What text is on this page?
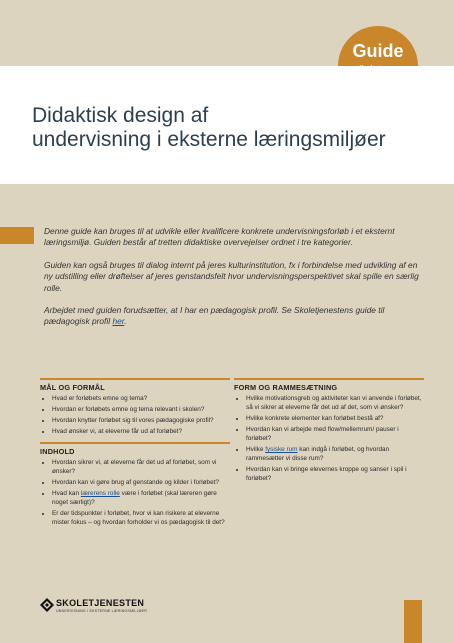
Guide
Didaktisk design af
undervisning i eksterne læringsmiljøer

Denne guide kan bruges til at udvikle eller kvalificere konkrete undervisningsforløb i et eksternt læringsmiljø. Guiden består af tretten didaktiske overvejelser ordnet i tre kategorier.

Guiden kan også bruges til dialog internt på jeres kulturinstitution, fx i forbindelse med udvikling af en ny udstilling eller drøftelser af jeres genstandsfelt hvor undervisningsperspektivet skal spille en særlig rolle.

Arbejdet med guiden forudsætter, at I har en pædagogisk profil. Se Skoletjenestens guide til pædagogisk profil her.

MÅL OG FORMÅL
• Hvad er forløbets emne og tema?
• Hvordan er forløbets emne og tema relevant i skolen?
• Hvordan knytter forløbet sig til vores pædagogiske profil?
• Hvad ønsker vi, at eleverne får ud af forløbet?
INDHOLD
• Hvordan sikrer vi, at eleverne får det ud af forløbet, som vi ønsker?
• Hvordan kan vi gøre brug af genstande og kilder i forløbet?
• Hvad kan lærerens rolle være i forløbet (skal læreren gøre noget særligt)?
• Er der tidspunkter i forløbet, hvor vi kan risikere at eleverne mister fokus – og hvordan forholder vi os pædagogisk til det?
FORM OG RAMMESÆTNING
• Hvilke motivationsgreb og aktiviteter kan vi anvende i forløbet, så vi sikrer at eleverne får det ud af det, som vi ønsker?
• Hvilke konkrete elementer kan forløbet bestå af?
• Hvordan kan vi arbejde med flow/mellemrum/ pauser i forløbet?
• Hvilke fysiske rum kan indgå i forløbet, og hvordan rammesætter vi disse rum?
• Hvordan kan vi bringe elevernes kroppe og sanser i spil i forløbet?
SKOLETJENESTEN
UNDERVISNING I EKSTERNE LÆRINGSMILJØER
